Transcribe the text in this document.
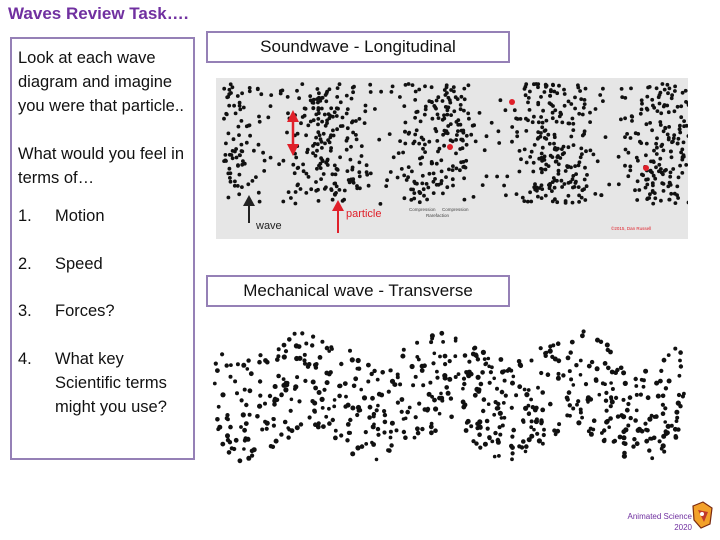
Waves Review Task….

Look at each wave diagram and imagine you were that particle..

What would you feel in terms of…

1.	Motion
2.	Speed
3.	Forces?
4.	What key Scientific terms might you use?
Soundwave - Longitudinal
wave
particle	Compression Compression
Rarefaction
©2015, Dan Russell
Mechanical wave - Transverse
Animated Science
2020
